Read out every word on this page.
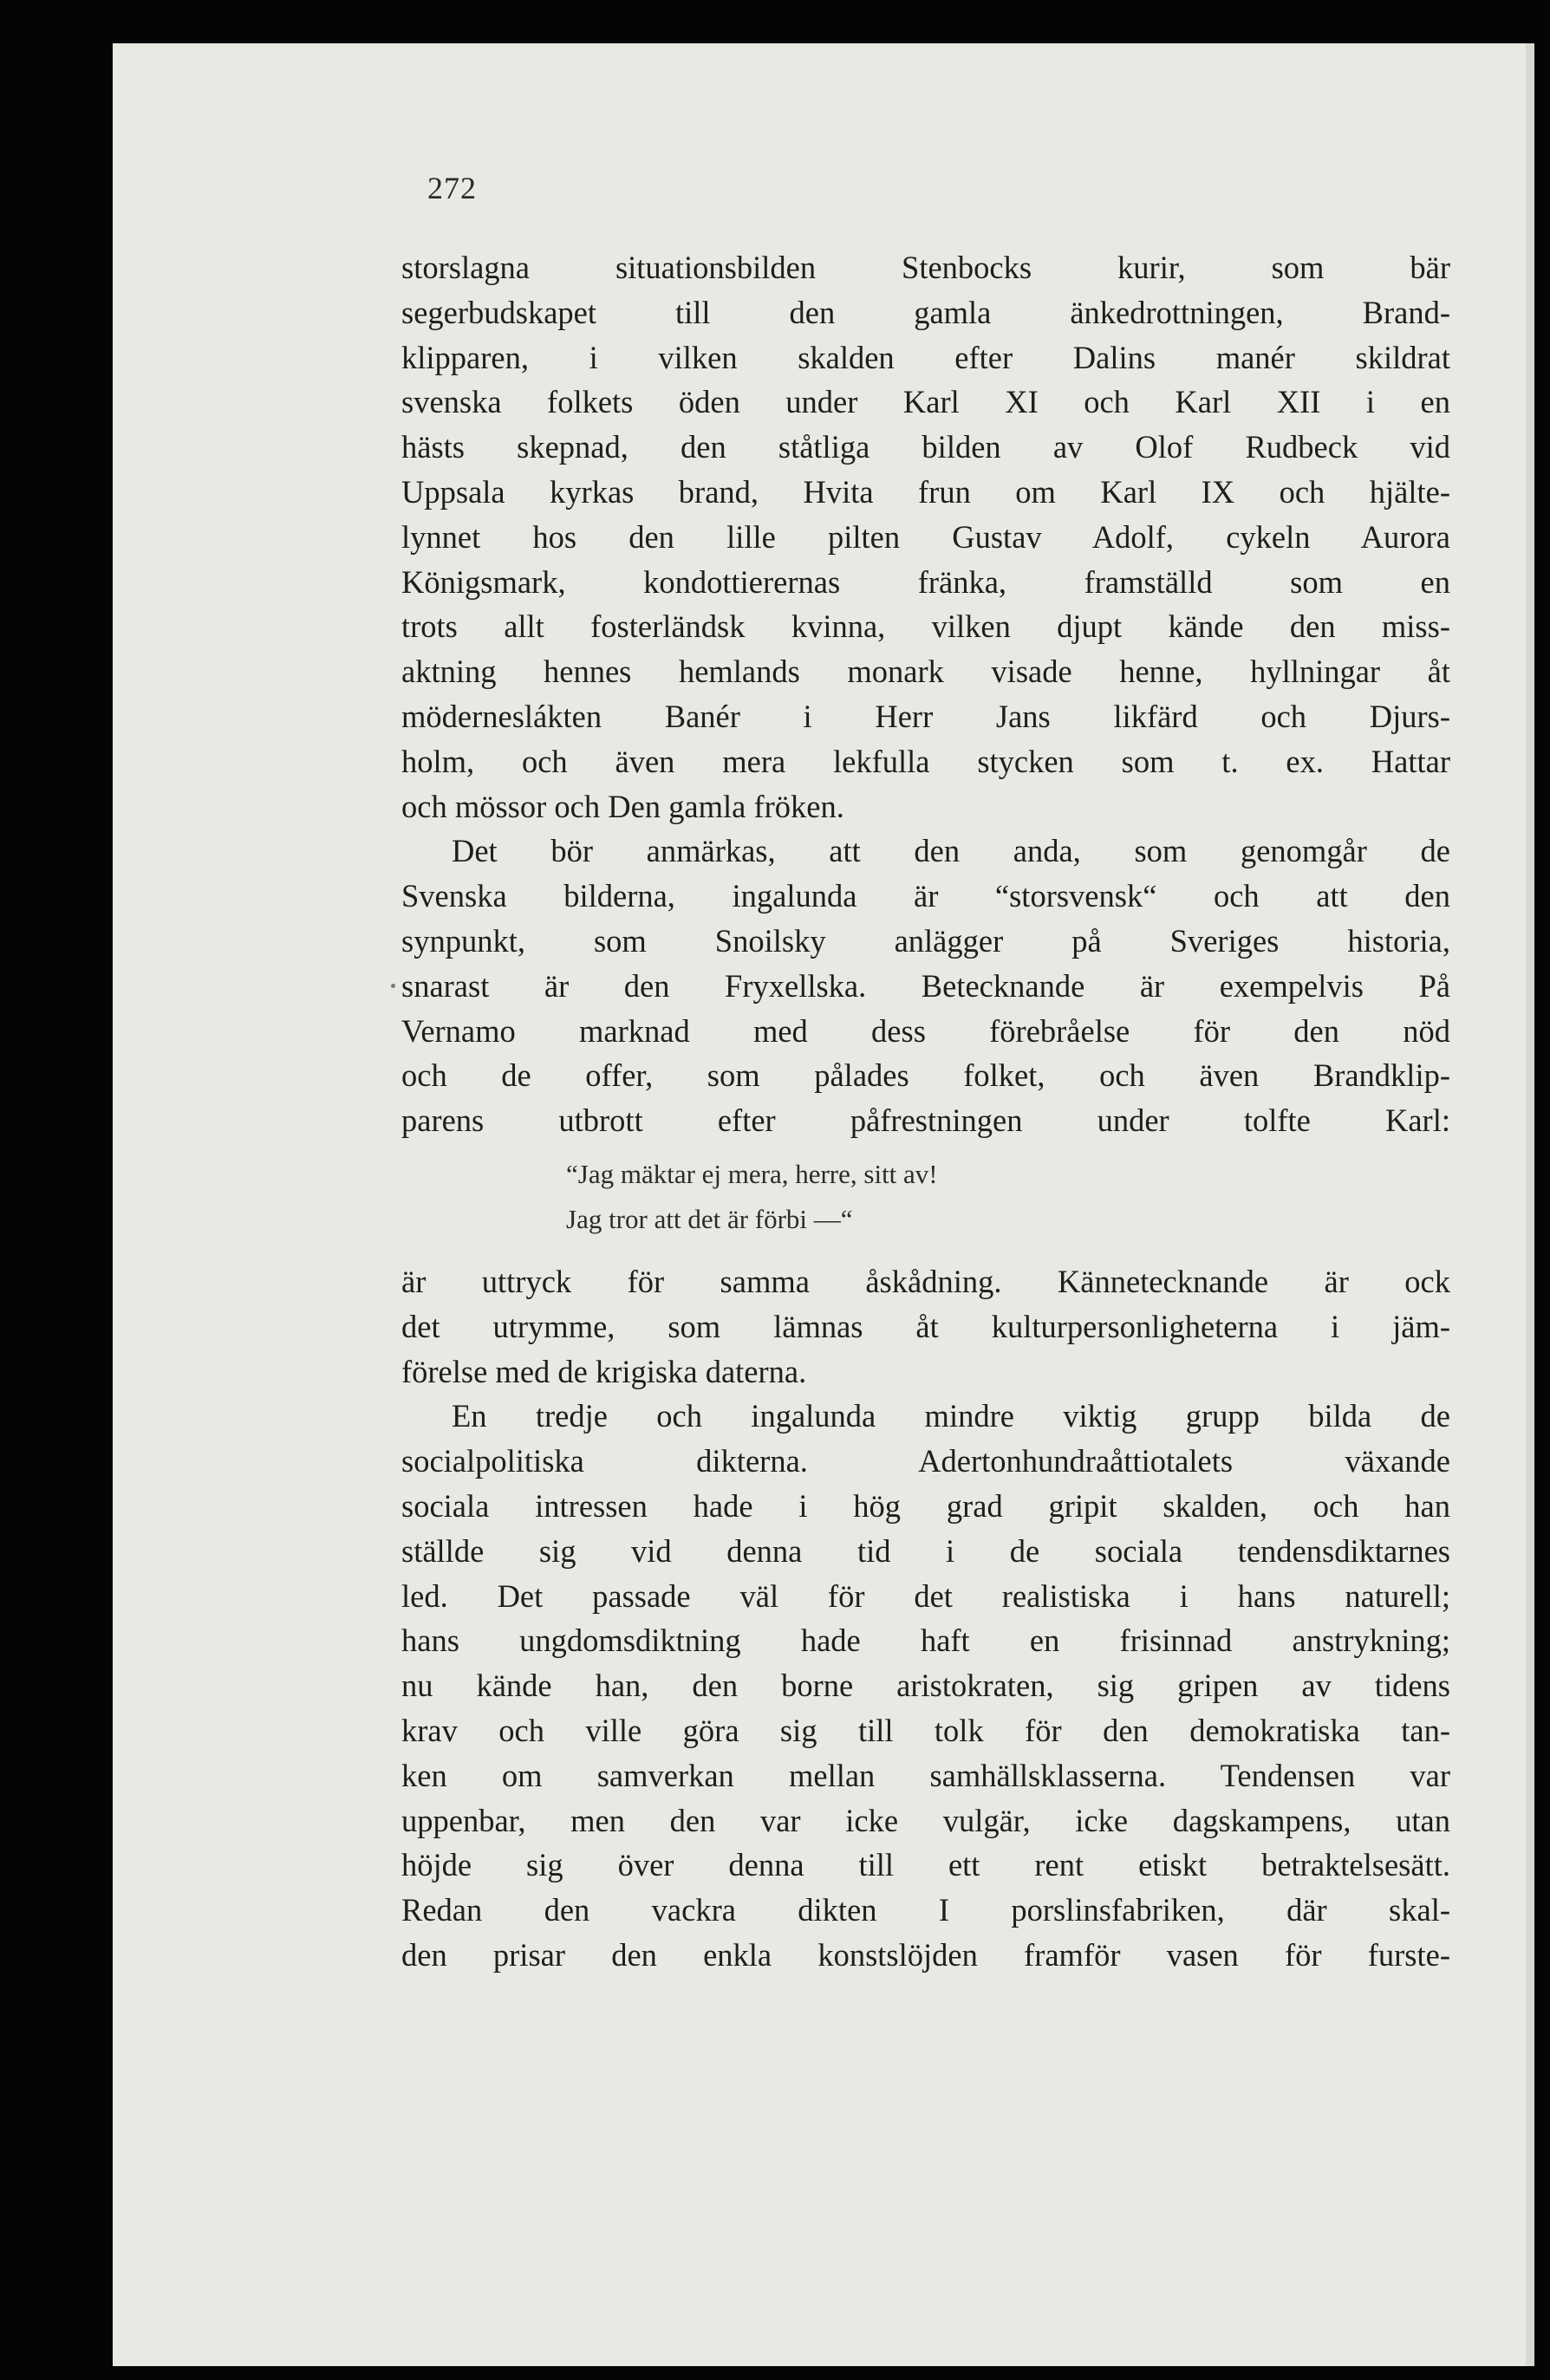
272
storslagna situationsbilden Stenbocks kurir, som bär
segerbudskapet till den gamla änkedrottningen, Brand-
klipparen, i vilken skalden efter Dalins manér skildrat
svenska folkets öden under Karl XI och Karl XII i en
hästs skepnad, den ståtliga bilden av Olof Rudbeck vid
Uppsala kyrkas brand, Hvita frun om Karl IX och hjälte-
lynnet hos den lille pilten Gustav Adolf, cykeln Aurora
Königsmark, kondottierernas fränka, framställd som en
trots allt fosterländsk kvinna, vilken djupt kände den miss-
aktning hennes hemlands monark visade henne, hyllningar åt
möderneslákten Banér i Herr Jans likfärd och Djurs-
holm, och även mera lekfulla stycken som t. ex. Hattar
och mössor och Den gamla fröken.
Det bör anmärkas, att den anda, som genomgår de
Svenska bilderna, ingalunda är “storsvensk“ och att den
synpunkt, som Snoilsky anlägger på Sveriges historia,
snarast är den Fryxellska. Betecknande är exempelvis På
Vernamo marknad med dess förebråelse för den nöd
och de offer, som pålades folket, och även Brandklip-
parens utbrott efter påfrestningen under tolfte Karl:
“Jag mäktar ej mera, herre, sitt av!
Jag tror att det är förbi —“
är uttryck för samma åskådning. Kännetecknande är ock
det utrymme, som lämnas åt kulturpersonligheterna i jäm-
förelse med de krigiska daterna.
En tredje och ingalunda mindre viktig grupp bilda de
socialpolitiska dikterna. Adertonhundraåttiotalets växande
sociala intressen hade i hög grad gripit skalden, och han
ställde sig vid denna tid i de sociala tendensdiktarnes
led. Det passade väl för det realistiska i hans naturell;
hans ungdomsdiktning hade haft en frisinnad anstrykning;
nu kände han, den borne aristokraten, sig gripen av tidens
krav och ville göra sig till tolk för den demokratiska tan-
ken om samverkan mellan samhällsklasserna. Tendensen var
uppenbar, men den var icke vulgär, icke dagskampens, utan
höjde sig över denna till ett rent etiskt betraktelsesätt.
Redan den vackra dikten I porslinsfabriken, där skal-
den prisar den enkla konstslöjden framför vasen för furste-
